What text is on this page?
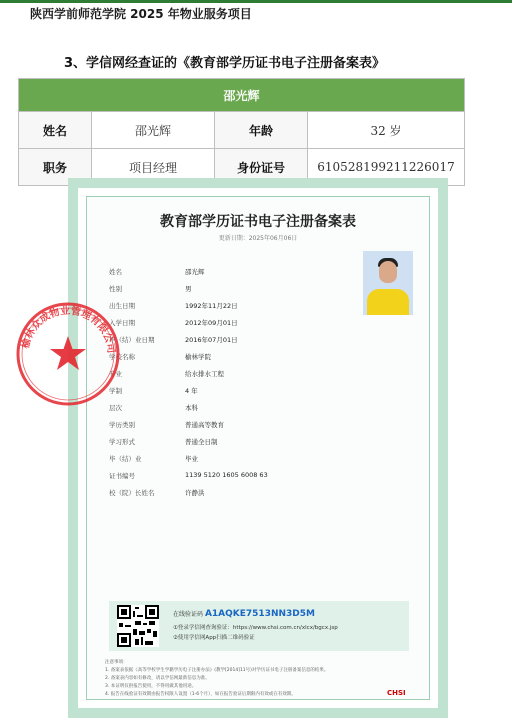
陕西学前师范学院 2025 年物业服务项目
3、学信网经查证的《教育部学历证书电子注册备案表》
邵光辉			
姓名	邵光辉	年龄	32 岁
职务	项目经理	身份证号	610528199211226017
教育部学历证书电子注册备案表
更新日期：2025年06月06日
姓名	邵光辉
性别	男
出生日期	1992年11月22日
入学日期	2012年09月01日
毕（结）业日期	2016年07月01日
学校名称	榆林学院
专业	给水排水工程
学制	4 年
层次	本科
学历类别	普通高等教育
学习形式	普通全日制
毕（结）业	毕业
证书编号	1139 5120 1605 6008 63
校（院）长姓名	许静洪
在线验证码 A1AQKE7513NN3D5M
①登录学信网查询验证：https://www.chsi.com.cn/xlcx/bgcx.jsp
②使用学信网App扫描二维码验证
注意事项：
1. 备案表依据《高等学校学生学籍学历电子注册办法》(教学[2014]11号)对学历证书电子注册备案信息的结果。
2. 备案表内容如有修改，请以学信网最新信息为准。
3. 本证明仅供报告使用，不得用做其他用途。
4. 报告在线验证有效期由报告权限人设置（1-6个月），如在报告验证后期限内有效或在有效期。	CHSI
榆林众成物业管理有限公司
